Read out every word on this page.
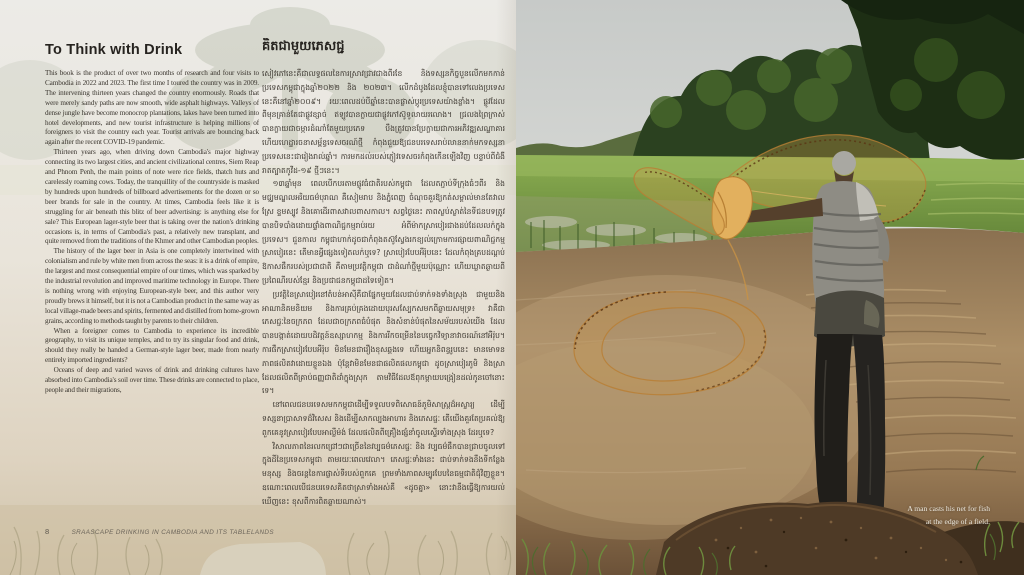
To Think with Drink

This book is the product of over two months of research and four visits to Cambodia in 2022 and 2023. The first time I toured the country was in 2009. The intervening thirteen years changed the country enormously. Roads that were merely sandy paths are now smooth, wide asphalt highways. Valleys of dense jungle have become monocrop plantations, lakes have been turned into hotel developments, and new tourist infrastructure is helping millions of foreigners to visit the country each year. Tourist arrivals are bouncing back again after the recent COVID-19 pandemic.

Thirteen years ago, when driving down Cambodia's major highway connecting its two largest cities, and ancient civilizational centres, Siem Reap and Phnom Penh, the main points of note were rice fields, thatch huts and carelessly roaming cows. Today, the tranquillity of the countryside is masked by hundreds upon hundreds of billboard advertisements for the dozen or so beer brands for sale in the country. At times, Cambodia feels like it is struggling for air beneath this blitz of beer advertising: is anything else for sale? This European lager-style beer that is taking over the nation's drinking occasions is, in terms of Cambodia's past, a relatively new transplant, and quite removed from the traditions of the Khmer and other Cambodian peoples.

The history of the lager beer in Asia is one completely intertwined with colonialism and rule by white men from across the seas: it is a drink of empire, the largest and most consequential empire of our times, which was sparked by the industrial revolution and improved maritime technology in Europe. There is nothing wrong with enjoying European-style beer, and this author very proudly brews it himself, but it is not a Cambodian product in the same way as local village-made beers and spirits, fermented and distilled from home-grown grains, according to methods taught by parents to their children.

When a foreigner comes to Cambodia to experience its incredible geography, to visit its unique temples, and to try its singular food and drink, should they really be handed a German-style lager beer, made from nearly entirely imported ingredients?

Oceans of deep and varied waves of drink and drinking cultures have absorbed into Cambodia's soil over time. These drinks are connected to place, people and their migrations,

គិតជាមួយភេសជ្ជ

សៀវភៅនេះគឺជាលទ្ធផលនៃការស្រាវជ្រាវជាងពីរខែ និងទស្សនកិច្ចបួនលើកមកកាន់ប្រទេសកម្ពុជាក្នុងឆ្នាំ២០២២ និង ២០២៣។ លើកដំបូងដែលខ្ញុំបានទៅលេងប្រទេសនេះគឺនៅឆ្នាំ២០០៩។ រយៈពេលដប់បីឆ្នាំនេះបានផ្លាស់ប្ដូរប្រទេសយ៉ាងខ្លាំង។ ផ្លូវដែលពីមុនគ្រាន់តែជាផ្លូវខ្សាច់ ឥឡូវបានក្លាយជាផ្លូវកៅស៊ូទូលាយរលោង។ ជ្រលងព្រៃក្រាស់បានក្លាយជាចម្ការដំណាំតែមួយប្រភេទ បឹងត្រូវបានប្រែក្លាយជាការអភិវឌ្ឍសណ្ឋាគារ ហើយហេដ្ឋារចនាសម្ព័ន្ធទេសចរណ៍ថ្មី កំពុងជួយឱ្យជនបរទេសរាប់លាននាក់មកទស្សនាប្រទេសនេះជារៀងរាល់ឆ្នាំ។ ការមកដល់របស់ភ្ញៀវទេសចរកំពុងកើនឡើងវិញ បន្ទាប់ពីជំងឺរាតត្បាតកូវីដ-១៩ ថ្មីៗនេះ។

១៣ឆ្នាំមុន ពេលបើកបរតាមផ្លូវធំជាតិរបស់កម្ពុជា ដែលតភ្ជាប់ទីក្រុងធំៗពីរ និងមជ្ឈមណ្ឌលអរិយធម៌បុរាណ គឺសៀមរាប និងភ្នំពេញ ចំណុចគួរឱ្យកត់សម្គាល់មានតែវាលស្រែ ខ្ទមស្បូវ និងគោដើរពាសវាលពាសកាល។ សព្វថ្ងៃនេះ ភាពស្ងប់ស្ងាត់នៃទីជនបទត្រូវបានបិទបាំងដោយផ្ទាំងពាណិជ្ជកម្មរាប់រយ អំពីម៉ាកស្រាបៀរជាងដប់ដែលលក់ក្នុងប្រទេស។ ជួនកាល កម្ពុជាហាក់ដូចជាកំពុងតស៊ូស្វែងរកខ្យល់ក្រោមការផ្សាយពាណិជ្ជកម្មស្រាបៀរនេះ តើមានអ្វីផ្សេងទៀតលក់ឬទេ? ស្រាបៀរបែបអឺរ៉ុបនេះ ដែលកំពុងគ្របដណ្ដប់ឱកាសផឹករបស់ប្រជាជាតិ គឺតាមប្រវត្តិកម្ពុជា ជាដំណាំថ្មីមួយប៉ុណ្ណោះ ហើយឃ្លាតឆ្ងាយពីប្រពៃណីរបស់ខ្មែរ និងប្រជាជនកម្ពុជាដទៃទៀត។

ប្រវត្តិនៃស្រាបៀរនៅតំបន់អាស៊ីគឺជាផ្នែកមួយដែលជាប់ទាក់ទងទាំងស្រុង ជាមួយនិងអាណានិគមនិយម និងការគ្រប់គ្រងដោយបុរសស្បែកសមកពីឆ្ងាយសមុទ្រ៖ វាគឺជាភេសជ្ជៈនៃចក្រភព ដែលជាចក្រភពធំបំផុត និងសំខាន់បំផុតនៃសម័យរបស់យើង ដែលបានបង្កាត់ដោយបដិវត្តន៍ឧស្សាហកម្ម និងការរីកចម្រើននៃបច្ចេកវិទ្យានាវាចរណ៍នៅអឺរ៉ុប។ ការផឹកស្រាបៀរបែបអឺរ៉ុប មិនមែនជារឿងខុសឆ្គងទេ ហើយអ្នកនិពន្ធរូបនេះ មានមោទនភាពផលិតវាដោយខ្លួនឯង ប៉ុន្តែវាមិនមែនជាផលិតផលកម្ពុជា ដូចស្រាបៀរភូមិ និងស្រាដែលផលិតពីគ្រាប់ធញ្ញជាតិដាំក្នុងស្រុក តាមវិធីដែលឪពុកម្ដាយបង្រៀនដល់កូនចៅនោះទេ។

នៅពេលជនបរទេសមកកម្ពុជាដើម្បីទទួលបទពិសោធន៍ភូមិសាស្ត្រដ៏អស្ចារ្យ ដើម្បីទស្សនាប្រាសាទដ៏វិសេស និងដើម្បីសាកល្បងអាហារ និងភេសជ្ជៈ តើយើងគួរតែប្រគល់ឱ្យពួកគេនូវស្រាបៀរបែបអាល្លឺម៉ង់ ដែលផលិតពីគ្រឿងផ្សំនាំចូលស្ទើរទាំងស្រុង ដែរឬទេ?

វិសាលភាពនៃរលកជ្រៅៗជាច្រើននៃវប្បធម៌ភេសជ្ជៈ និង វប្បធម៌ផឹកបានជ្រាបចូលទៅក្នុងដីនៃប្រទេសកម្ពុជា តាមរយៈពេលវេលា។ ភេសជ្ជៈទាំងនេះ ជាប់ទាក់ទងនឹងទីកន្លែង មនុស្ស និងចរន្តនៃការផ្លាស់ទីរបស់ពួកគេ ព្រមទាំងភាពសម្បូរបែបនៃធម្មជាតិជុំវិញខ្លួន។ ឧណោះពេលបើជនបរទេសគិតថាស្រាទាំងអស់គឺ «ដូចគ្នា» នោះវានឹងធ្វើឱ្យការយល់ឃើញនេះ ខុសពីការពិតឆ្ងាយណាស់។

8	SRAASCAPE DRINKING IN CAMBODIA AND ITS TABLELANDS
A man casts his net for fish
at the edge of a field.
